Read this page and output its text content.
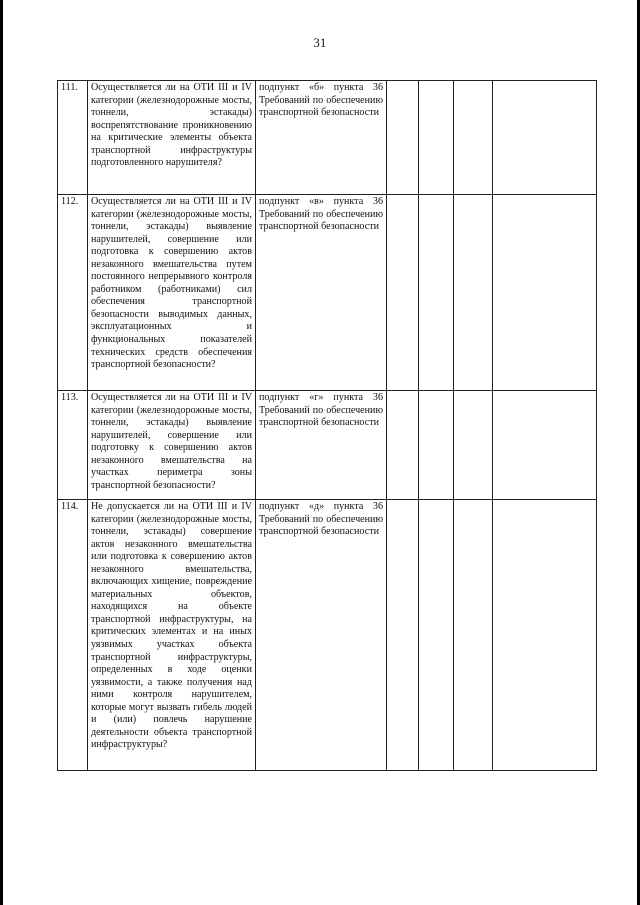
31
111.	Осуществляется ли на ОТИ III и IV категории (железнодорожные мосты, тоннели, эстакады) воспрепятствование проникновению на критические элементы объекта транспортной инфраструктуры подготовленного нарушителя?	подпункт «б» пункта 36 Требований по обеспечению транспортной безопасности				
112.	Осуществляется ли на ОТИ III и IV категории (железнодорожные мосты, тоннели, эстакады) выявление нарушителей, совершение или подготовка к совершению актов незаконного вмешательства путем постоянного непрерывного контроля работником (работниками) сил обеспечения транспортной безопасности выводимых данных, эксплуатационных и функциональных показателей технических средств обеспечения транспортной безопасности?	подпункт «в» пункта 36 Требований по обеспечению транспортной безопасности				
113.	Осуществляется ли на ОТИ III и IV категории (железнодорожные мосты, тоннели, эстакады) выявление нарушителей, совершение или подготовку к совершению актов незаконного вмешательства на участках периметра зоны транспортной безопасности?	подпункт «г» пункта 36 Требований по обеспечению транспортной безопасности				
114.	Не допускается ли на ОТИ III и IV категории (железнодорожные мосты, тоннели, эстакады) совершение актов незаконного вмешательства или подготовка к совершению актов незаконного вмешательства, включающих хищение, повреждение материальных объектов, находящихся на объекте транспортной инфраструктуры, на критических элементах и на иных уязвимых участках объекта транспортной инфраструктуры, определенных в ходе оценки уязвимости, а также получения над ними контроля нарушителем, которые могут вызвать гибель людей и (или) повлечь нарушение деятельности объекта транспортной инфраструктуры?	подпункт «д» пункта 36 Требований по обеспечению транспортной безопасности				
